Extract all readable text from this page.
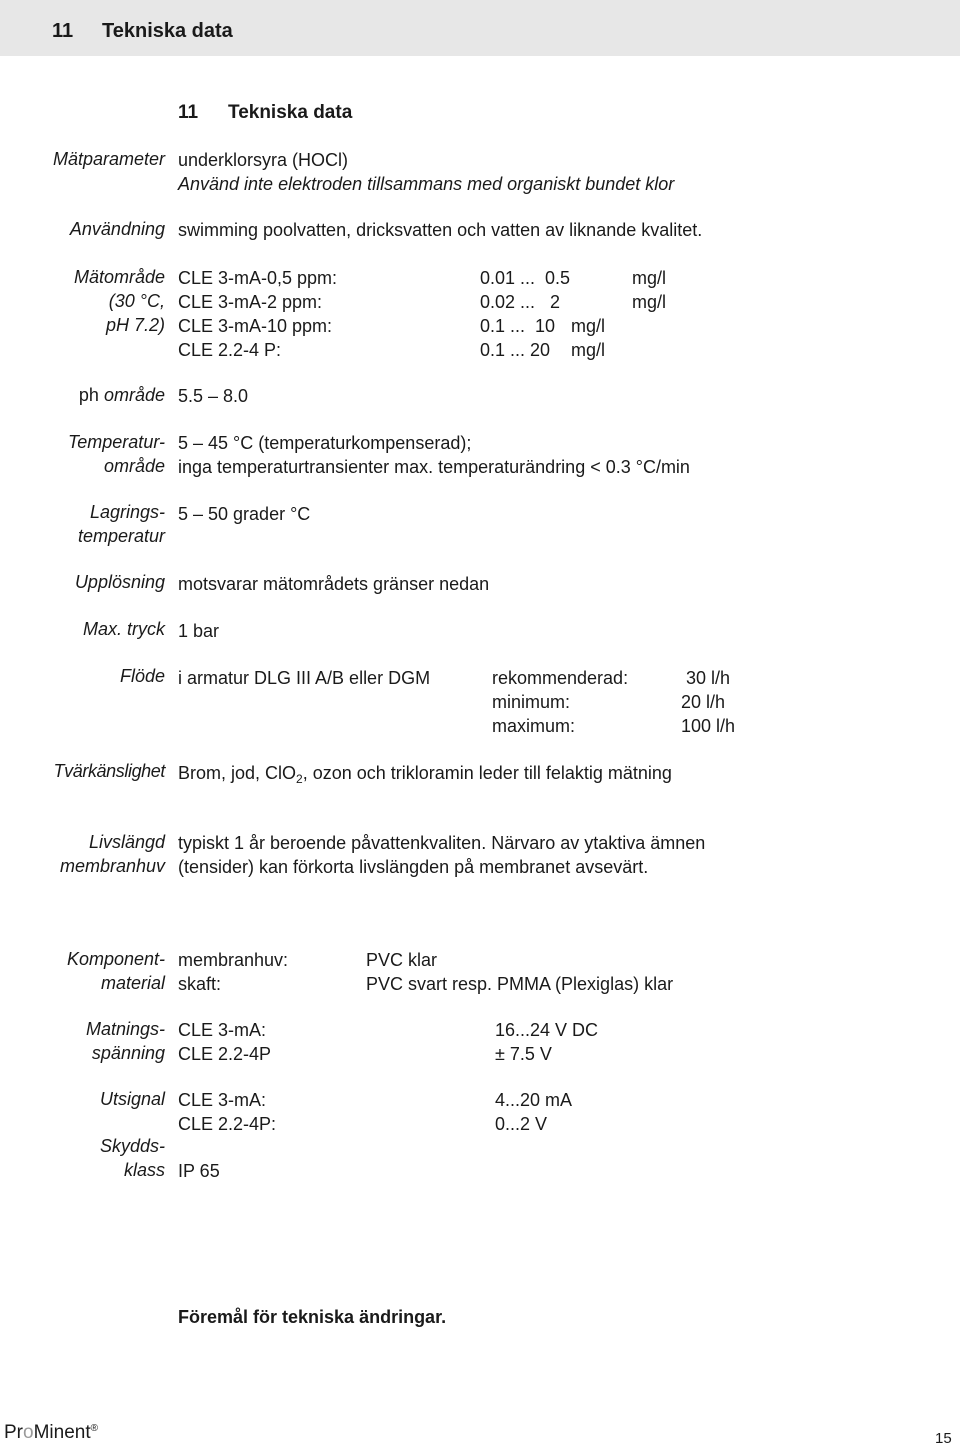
11 Tekniska data
11 Tekniska data
Mätparameter underklorsyra (HOCl)
Använd inte elektroden tillsammans med organiskt bundet klor
Användning swimming poolvatten, dricksvatten och vatten av liknande kvalitet.
Mätområde
(30 °C,
pH 7.2)
CLE 3-mA-0,5 ppm:	0.01 ...  0.5	mg/l
CLE 3-mA-2 ppm:	0.02 ...   2	mg/l
CLE 3-mA-10 ppm:	0.1 ...  10 mg/l
CLE 2.2-4 P:	0.1 ... 20 mg/l
ph område 5.5 – 8.0
Temperatur-
område
5 – 45 °C (temperaturkompenserad);
inga temperaturtransienter max. temperaturändring < 0.3 °C/min
Lagrings-
temperatur
5 – 50 grader °C
Upplösning motsvarar mätområdets gränser nedan
Max. tryck 1 bar
Flöde i armatur DLG III A/B eller DGM	rekommenderad:	30 l/h
minimum:	20 l/h
maximum:	100 l/h
Tvärkänslighet Brom, jod, ClO$_2$, ozon och trikloramin leder till felaktig mätning
Livslängd
membranhuv
typiskt 1 år beroende påvattenkvaliten. Närvaro av ytaktiva ämnen
(tensider) kan förkorta livslängden på membranet avsevärt.
Komponent-
material
membranhuv:	PVC klar
skaft:	PVC svart resp. PMMA (Plexiglas) klar
Matnings-
spänning
CLE 3-mA:	16...24 V DC
CLE 2.2-4P	± 7.5 V
Utsignal CLE 3-mA:	4...20 mA
CLE 2.2-4P:	0...2 V
Skydds-
klass IP 65
Föremål för tekniska ändringar.
ProMinent®
15
